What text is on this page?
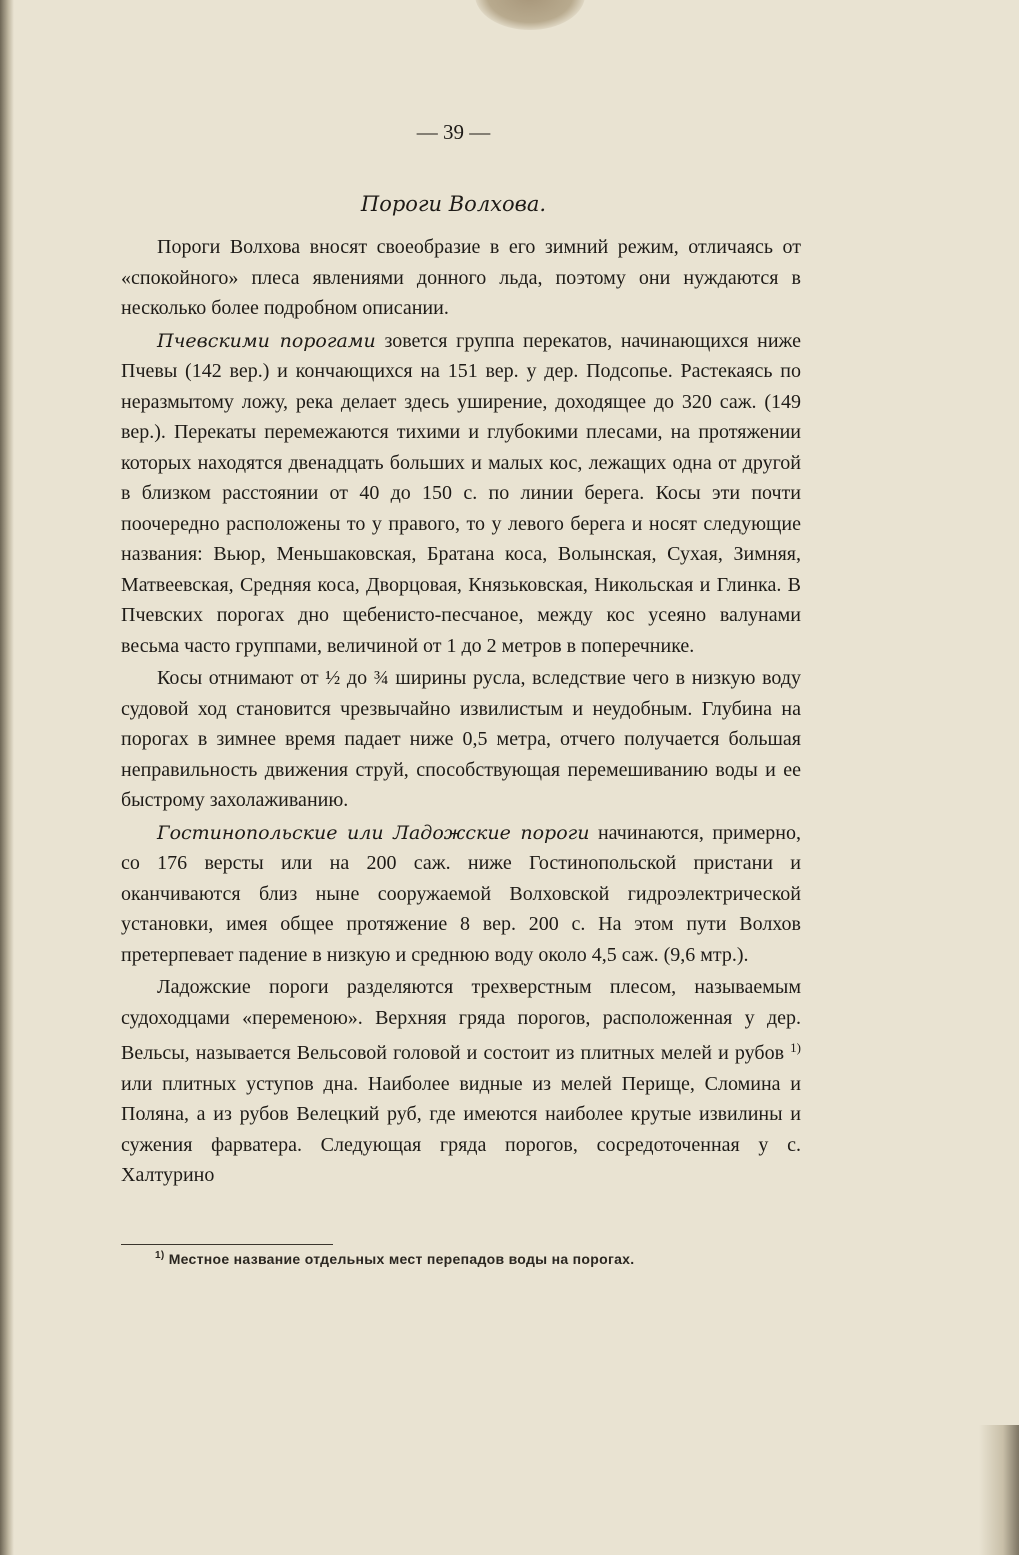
— 39 —
Пороги Волхова.

Пороги Волхова вносят своеобразие в его зимний режим, отличаясь от «спокойного» плеса явлениями донного льда, поэтому они нуждаются в несколько более подробном описании.

Пчевскими порогами зовется группа перекатов, начинающихся ниже Пчевы (142 вер.) и кончающихся на 151 вер. у дер. Подсопье. Растекаясь по неразмытому ложу, река делает здесь уширение, доходящее до 320 саж. (149 вер.). Перекаты перемежаются тихими и глубокими плесами, на протяжении которых находятся двенадцать больших и малых кос, лежащих одна от другой в близком расстоянии от 40 до 150 с. по линии берега. Косы эти почти поочередно расположены то у правого, то у левого берега и носят следующие названия: Вьюр, Меньшаковская, Братана коса, Волынская, Сухая, Зимняя, Матвеевская, Средняя коса, Дворцовая, Князьковская, Никольская и Глинка. В Пчевских порогах дно щебенисто-песчаное, между кос усеяно валунами весьма часто группами, величиной от 1 до 2 метров в поперечнике.

Косы отнимают от ½ до ¾ ширины русла, вследствие чего в низкую воду судовой ход становится чрезвычайно извилистым и неудобным. Глубина на порогах в зимнее время падает ниже 0,5 метра, отчего получается большая неправильность движения струй, способствующая перемешиванию воды и ее быстрому захолаживанию.

Гостинопольские или Ладожские пороги начинаются, примерно, со 176 версты или на 200 саж. ниже Гостинопольской пристани и оканчиваются близ ныне сооружаемой Волховской гидроэлектрической установки, имея общее протяжение 8 вер. 200 с. На этом пути Волхов претерпевает падение в низкую и среднюю воду около 4,5 саж. (9,6 мтр.).

Ладожские пороги разделяются трехверстным плесом, называемым судоходцами «переменою». Верхняя гряда порогов, расположенная у дер. Вельсы, называется Вельсовой головой и состоит из плитных мелей и рубов $^{1)}$ или плитных уступов дна. Наиболее видные из мелей Перище, Сломина и Поляна, а из рубов Велецкий руб, где имеются наиболее крутые извилины и сужения фарватера. Следующая гряда порогов, сосредоточенная у с. Халтурино

$^{1)}$ Местное название отдельных мест перепадов воды на порогах.
